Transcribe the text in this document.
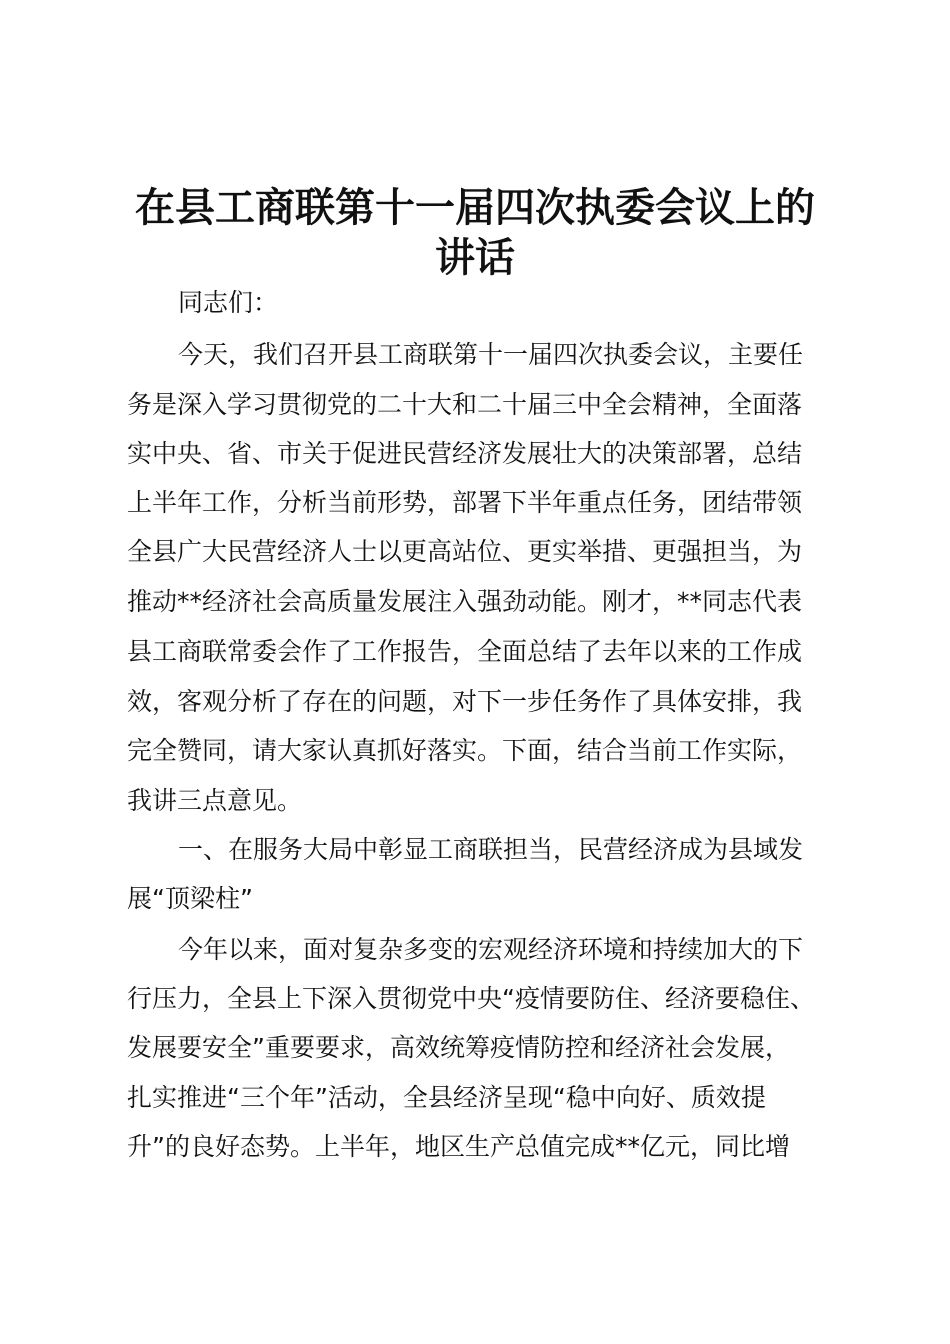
在县工商联第十一届四次执委会议上的
讲话
同志们：
今天，我们召开县工商联第十一届四次执委会议，主要任
务是深入学习贯彻党的二十大和二十届三中全会精神，全面落
实中央、省、市关于促进民营经济发展壮大的决策部署，总结
上半年工作，分析当前形势，部署下半年重点任务，团结带领
全县广大民营经济人士以更高站位、更实举措、更强担当，为
推动**经济社会高质量发展注入强劲动能。刚才，**同志代表
县工商联常委会作了工作报告，全面总结了去年以来的工作成
效，客观分析了存在的问题，对下一步任务作了具体安排，我
完全赞同，请大家认真抓好落实。下面，结合当前工作实际，
我讲三点意见。
一、在服务大局中彰显工商联担当，民营经济成为县域发
展“顶梁柱”
今年以来，面对复杂多变的宏观经济环境和持续加大的下
行压力，全县上下深入贯彻党中央“疫情要防住、经济要稳住、
发展要安全”重要要求，高效统筹疫情防控和经济社会发展，
扎实推进“三个年”活动，全县经济呈现“稳中向好、质效提
升”的良好态势。上半年，地区生产总值完成**亿元，同比增
